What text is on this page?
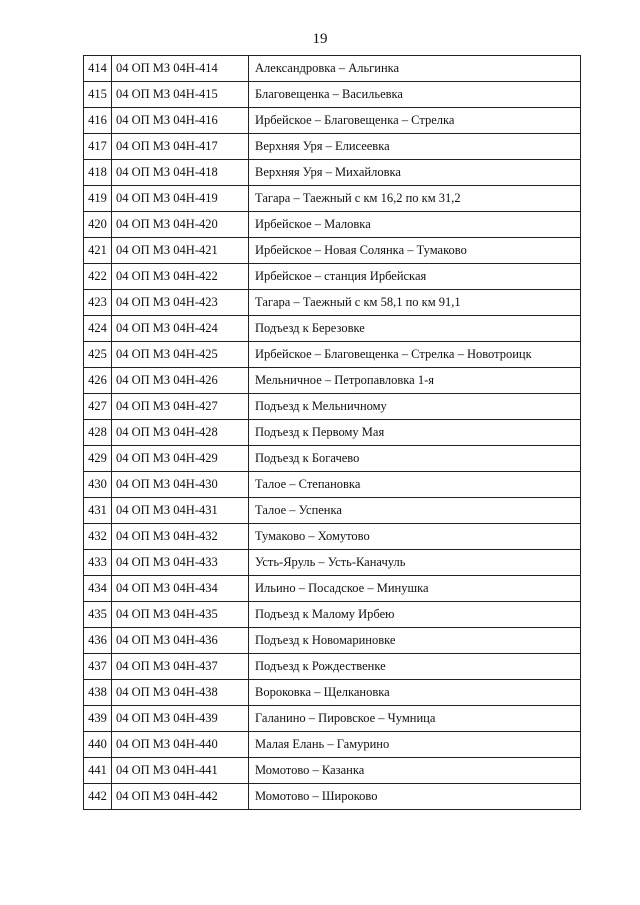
19
414	04 ОП МЗ 04Н-414	Александровка – Альгинка
415	04 ОП МЗ 04Н-415	Благовещенка – Васильевка
416	04 ОП МЗ 04Н-416	Ирбейское – Благовещенка – Стрелка
417	04 ОП МЗ 04Н-417	Верхняя Уря – Елисеевка
418	04 ОП МЗ 04Н-418	Верхняя Уря – Михайловка
419	04 ОП МЗ 04Н-419	Тагара – Таежный с км 16,2 по км 31,2
420	04 ОП МЗ 04Н-420	Ирбейское – Маловка
421	04 ОП МЗ 04Н-421	Ирбейское – Новая Солянка – Тумаково
422	04 ОП МЗ 04Н-422	Ирбейское – станция Ирбейская
423	04 ОП МЗ 04Н-423	Тагара – Таежный с км 58,1 по км 91,1
424	04 ОП МЗ 04Н-424	Подъезд к Березовке
425	04 ОП МЗ 04Н-425	Ирбейское – Благовещенка – Стрелка – Новотроицк
426	04 ОП МЗ 04Н-426	Мельничное – Петропавловка 1-я
427	04 ОП МЗ 04Н-427	Подъезд к Мельничному
428	04 ОП МЗ 04Н-428	Подъезд к Первому Мая
429	04 ОП МЗ 04Н-429	Подъезд к Богачево
430	04 ОП МЗ 04Н-430	Талое – Степановка
431	04 ОП МЗ 04Н-431	Талое – Успенка
432	04 ОП МЗ 04Н-432	Тумаково – Хомутово
433	04 ОП МЗ 04Н-433	Усть-Яруль – Усть-Каначуль
434	04 ОП МЗ 04Н-434	Ильино – Посадское – Минушка
435	04 ОП МЗ 04Н-435	Подъезд к Малому Ирбею
436	04 ОП МЗ 04Н-436	Подъезд к Новомариновке
437	04 ОП МЗ 04Н-437	Подъезд к Рождественке
438	04 ОП МЗ 04Н-438	Вороковка – Щелкановка
439	04 ОП МЗ 04Н-439	Галанино – Пировское – Чумница
440	04 ОП МЗ 04Н-440	Малая Елань – Гамурино
441	04 ОП МЗ 04Н-441	Момотово – Казанка
442	04 ОП МЗ 04Н-442	Момотово – Широково
